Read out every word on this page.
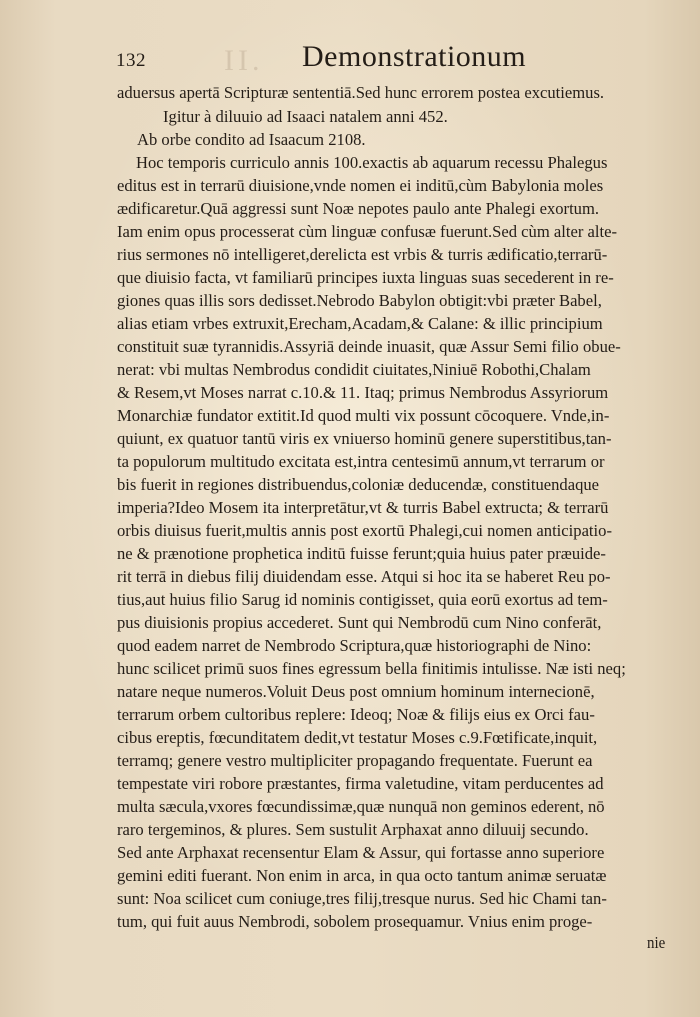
132	II. Demonstrationum
aduersus apertā Scripturæ sententiā.Sed hunc errorem postea excutiemus.
Igitur à diluuio ad Isaaci natalem anni 452.
Ab orbe condito ad Isaacum 2108.
Hoc temporis curriculo annis 100.exactis ab aquarum recessu Phalegus
editus est in terrarū diuisione,vnde nomen ei inditū,cùm Babylonia moles
ædificaretur.Quā aggressi sunt Noæ nepotes paulo ante Phalegi exortum.
Iam enim opus processerat cùm linguæ confusæ fuerunt.Sed cùm alter alte-
rius sermones nō intelligeret,derelicta est vrbis & turris ædificatio,terrarū-
que diuisio facta, vt familiarū principes iuxta linguas suas secederent in re-
giones quas illis sors dedisset.Nebrodo Babylon obtigit:vbi præter Babel,
alias etiam vrbes extruxit,Erecham,Acadam,& Calane: & illic principium
constituit suæ tyrannidis.Assyriā deinde inuasit, quæ Assur Semi filio obue-
nerat: vbi multas Nembrodus condidit ciuitates,Niniuē Robothi,Chalam
& Resem,vt Moses narrat c.10.& 11. Itaq; primus Nembrodus Assyriorum
Monarchiæ fundator extitit.Id quod multi vix possunt cōcoquere. Vnde,in-
quiunt, ex quatuor tantū viris ex vniuerso hominū genere superstitibus,tan-
ta populorum multitudo excitata est,intra centesimū annum,vt terrarum or
bis fuerit in regiones distribuendus,coloniæ deducendæ, constituendaque
imperia?Ideo Mosem ita interpretātur,vt & turris Babel extructa; & terrarū
orbis diuisus fuerit,multis annis post exortū Phalegi,cui nomen anticipatio-
ne & prænotione prophetica inditū fuisse ferunt;quia huius pater præuide-
rit terrā in diebus filij diuidendam esse. Atqui si hoc ita se haberet Reu po-
tius,aut huius filio Sarug id nominis contigisset, quia eorū exortus ad tem-
pus diuisionis propius accederet. Sunt qui Nembrodū cum Nino conferāt,
quod eadem narret de Nembrodo Scriptura,quæ historiographi de Nino:
hunc scilicet primū suos fines egressum bella finitimis intulisse. Næ isti neq;
natare neque numeros.Voluit Deus post omnium hominum internecionē,
terrarum orbem cultoribus replere: Ideoq; Noæ & filijs eius ex Orci fau-
cibus ereptis, fœcunditatem dedit,vt testatur Moses c.9.Fœtificate,inquit,
terramq; genere vestro multipliciter propagando frequentate. Fuerunt ea
tempestate viri robore præstantes, firma valetudine, vitam perducentes ad
multa sæcula,vxores fœcundissimæ,quæ nunquā non geminos ederent, nō
raro tergeminos, & plures. Sem sustulit Arphaxat anno diluuij secundo.
Sed ante Arphaxat recensentur Elam & Assur, qui fortasse anno superiore
gemini editi fuerant. Non enim in arca, in qua octo tantum animæ seruatæ
sunt: Noa scilicet cum coniuge,tres filij,tresque nurus. Sed hic Chami tan-
tum, qui fuit auus Nembrodi, sobolem prosequamur. Vnius enim proge-
nie
